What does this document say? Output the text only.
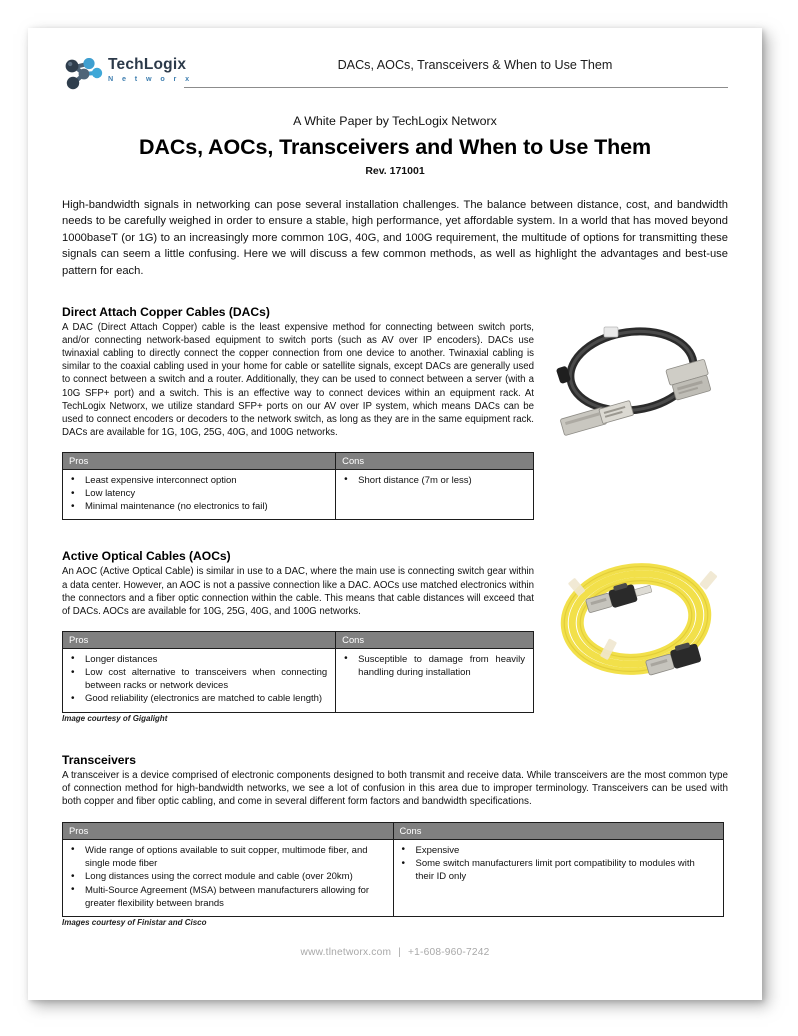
TechLogix
N e t w o r x
DACs, AOCs, Transceivers & When to Use Them
A White Paper by TechLogix Networx
DACs, AOCs, Transceivers and When to Use Them
Rev. 171001
High-bandwidth signals in networking can pose several installation challenges. The balance between distance, cost, and bandwidth needs to be carefully weighed in order to ensure a stable, high performance, yet affordable system. In a world that has moved beyond 1000baseT (or 1G) to an increasingly more common 10G, 40G, and 100G requirement, the multitude of options for transmitting these signals can seem a little confusing. Here we will discuss a few common methods, as well as highlight the advantages and best-use pattern for each.
Direct Attach Copper Cables (DACs)
A DAC (Direct Attach Copper) cable is the least expensive method for connecting between switch ports, and/or connecting network-based equipment to switch ports (such as AV over IP encoders). DACs use twinaxial cabling to directly connect the copper connection from one device to another. Twinaxial cabling is similar to the coaxial cabling used in your home for cable or satellite signals, except DACs are generally used to connect between a switch and a router. Additionally, they can be used to connect between a server (with a 10G SFP+ port) and a switch. This is an effective way to connect devices within an equipment rack. At TechLogix Networx, we utilize standard SFP+ ports on our AV over IP system, which means DACs can be used to connect encoders or decoders to the network switch, as long as they are in the same equipment rack. DACs are available for 1G, 10G, 25G, 40G, and 100G networks.
Pros	Cons

• Least expensive interconnect option
• Low latency
• Minimal maintenance (no electronics to fail)

• Short distance (7m or less)
Active Optical Cables (AOCs)
An AOC (Active Optical Cable) is similar in use to a DAC, where the main use is connecting switch gear within a data center. However, an AOC is not a passive connection like a DAC. AOCs use matched electronics within the connectors and a fiber optic connection within the cable. This means that cable distances will exceed that of DACs. AOCs are available for 10G, 25G, 40G, and 100G networks.
Pros	Cons

• Longer distances
• Low cost alternative to transceivers when connecting between racks or network devices
• Good reliability (electronics are matched to cable length)

• Susceptible to damage from heavily handling during installation
Image courtesy of Gigalight
Transceivers
A transceiver is a device comprised of electronic components designed to both transmit and receive data. While transceivers are the most common type of connection method for high-bandwidth networks, we see a lot of confusion in this area due to improper terminology. Transceivers can be used with both copper and fiber optic cabling, and come in several different form factors and bandwidth specifications.
Pros	Cons

• Wide range of options available to suit copper, multimode fiber, and single mode fiber
• Long distances using the correct module and cable (over 20km)
• Multi-Source Agreement (MSA) between manufacturers allowing for greater flexibility between brands

• Expensive
• Some switch manufacturers limit port compatibility to modules with their ID only
Images courtesy of Finistar and Cisco
www.tlnetworx.com | +1-608-960-7242
